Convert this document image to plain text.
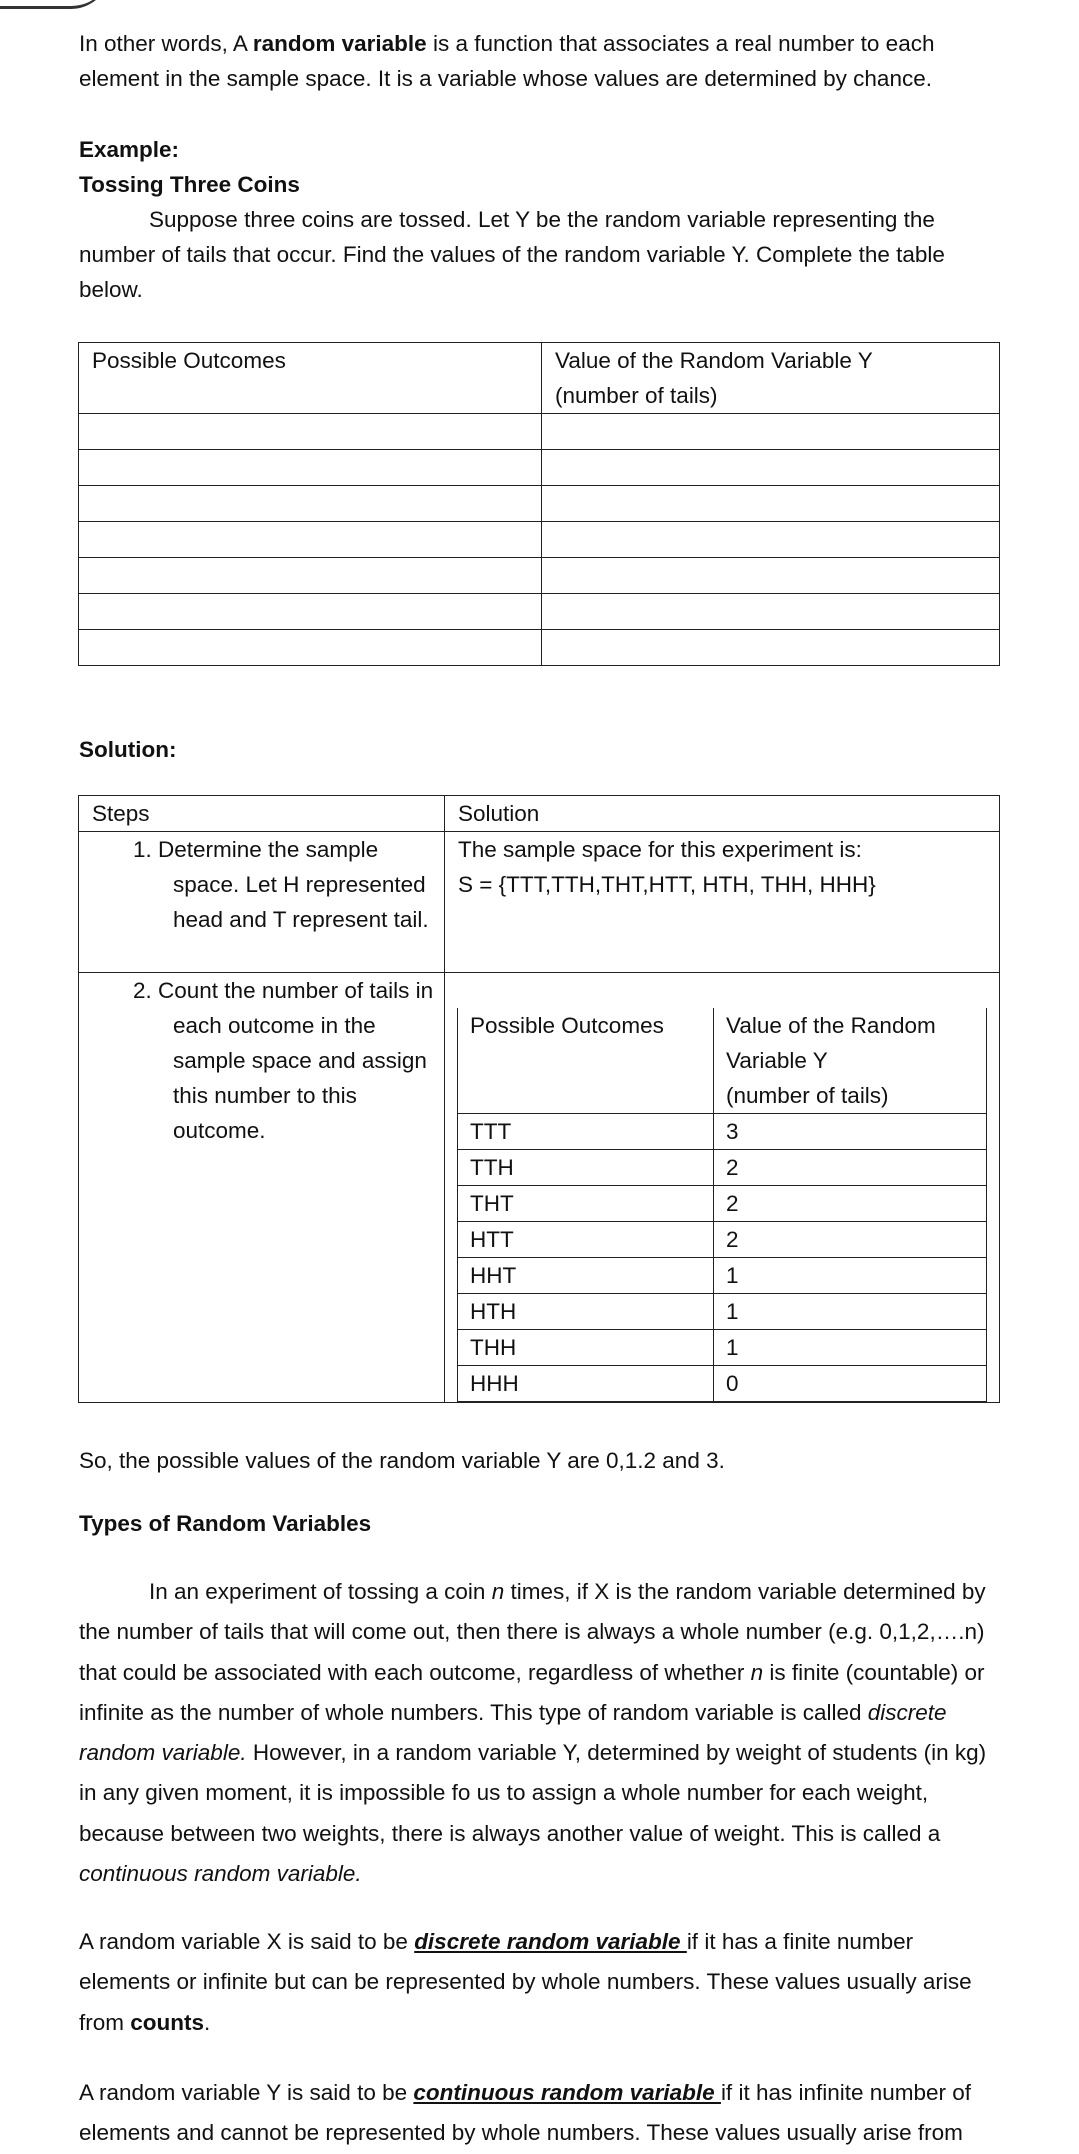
In other words, A random variable is a function that associates a real number to each element in the sample space. It is a variable whose values are determined by chance.

Example:

Tossing Three Coins

Suppose three coins are tossed. Let Y be the random variable representing the number of tails that occur. Find the values of the random variable Y. Complete the table below.

Possible Outcomes	Value of the Random Variable Y
(number of tails)

Solution:

Steps	Solution

1. Determine the sample space. Let H represented head and T represent tail.
	The sample space for this experiment is:
S = {TTT,TTH,THT,HTT, HTH, THH, HHH}

2. Count the number of tails in each outcome in the sample space and assign this number to this outcome.

Possible Outcomes	Value of the Random
Variable Y
(number of tails)
TTT	3
TTH	2
THT	2
HTT	2
HHT	1
HTH	1
THH	1
HHH	0

So, the possible values of the random variable Y are 0,1.2 and 3.

Types of Random Variables

In an experiment of tossing a coin n times, if X is the random variable determined by the number of tails that will come out, then there is always a whole number (e.g. 0,1,2,….n) that could be associated with each outcome, regardless of whether n is finite (countable) or infinite as the number of whole numbers. This type of random variable is called discrete random variable. However, in a random variable Y, determined by weight of students (in kg) in any given moment, it is impossible fo us to assign a whole number for each weight, because between two weights, there is always another value of weight. This is called a continuous random variable.

A random variable X is said to be discrete random variable if it has a finite number elements or infinite but can be represented by whole numbers. These values usually arise from counts.

A random variable Y is said to be continuous random variable if it has infinite number of
elements and cannot be represented by whole numbers. These values usually arise from
